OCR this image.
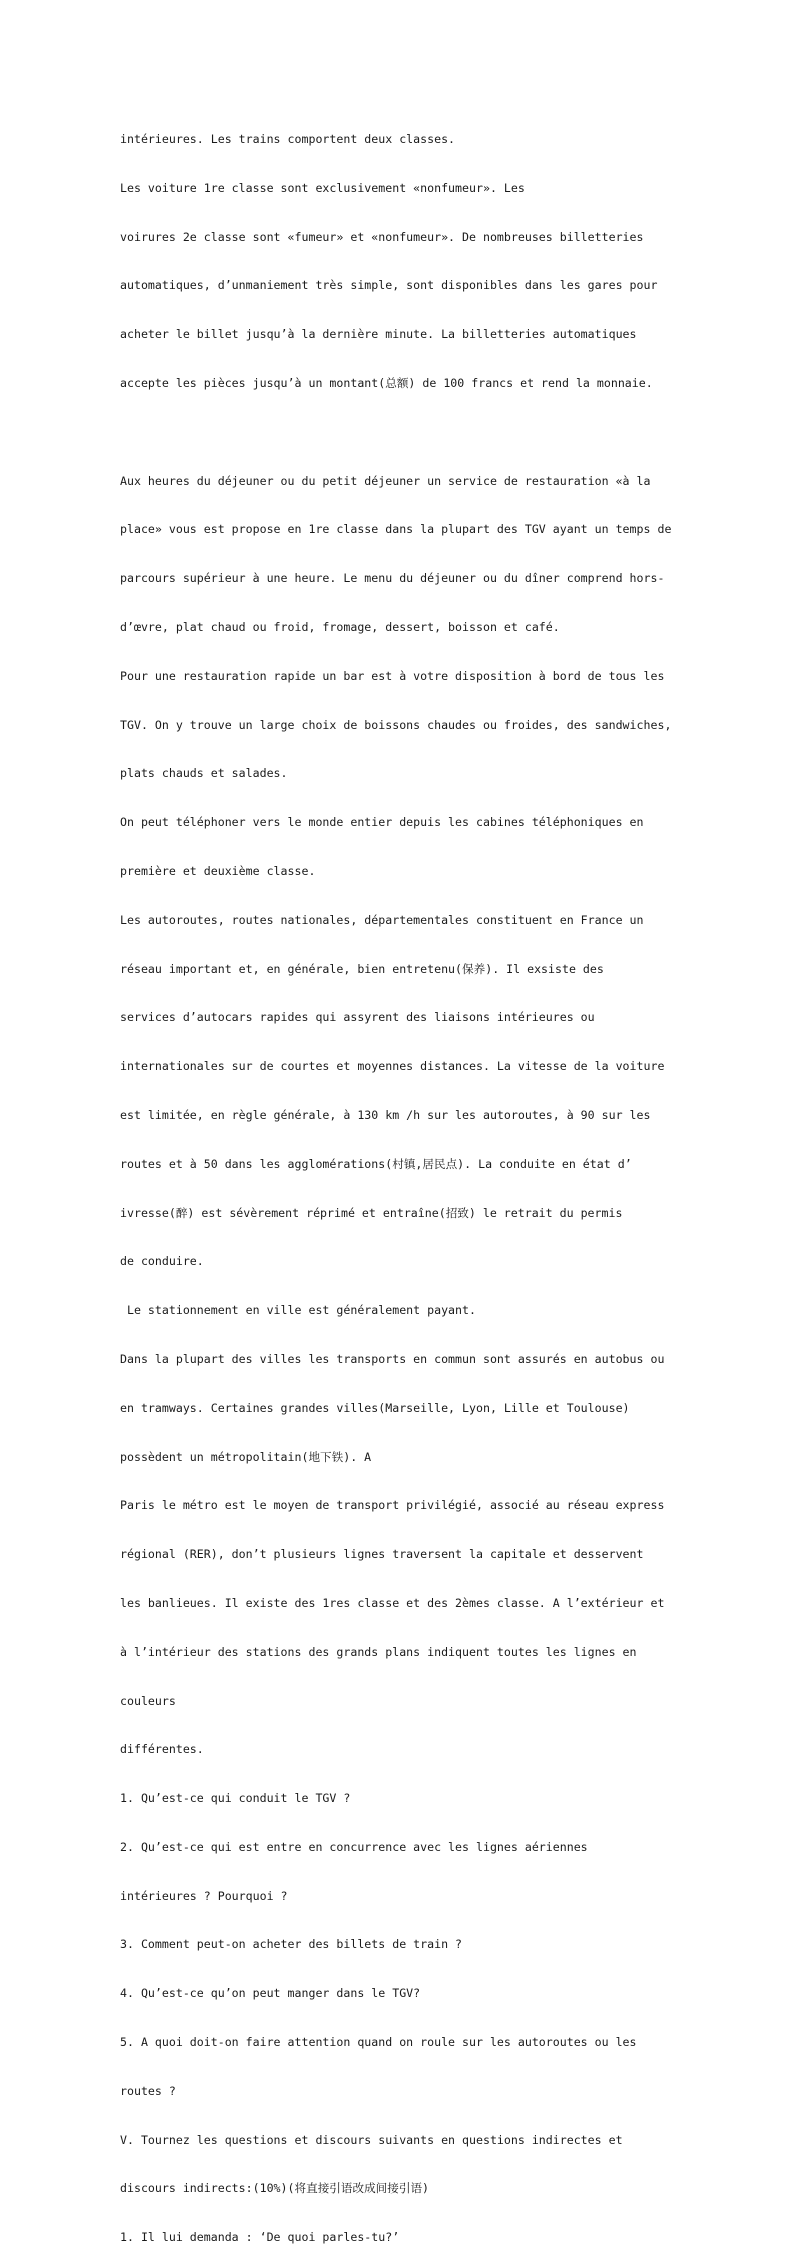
intérieures. Les trains comportent deux classes.

Les voiture 1re classe sont exclusivement «nonfumeur». Les

voirures 2e classe sont «fumeur» et «nonfumeur». De nombreuses billetteries

automatiques, d’unmaniement très simple, sont disponibles dans les gares pour

acheter le billet jusqu’à la dernière minute. La billetteries automatiques

accepte les pièces jusqu’à un montant(总额) de 100 francs et rend la monnaie.

Aux heures du déjeuner ou du petit déjeuner un service de restauration «à la

place» vous est propose en 1re classe dans la plupart des TGV ayant un temps de

parcours supérieur à une heure. Le menu du déjeuner ou du dîner comprend hors-

d’œvre, plat chaud ou froid, fromage, dessert, boisson et café.

Pour une restauration rapide un bar est à votre disposition à bord de tous les

TGV. On y trouve un large choix de boissons chaudes ou froides, des sandwiches,

plats chauds et salades.

On peut téléphoner vers le monde entier depuis les cabines téléphoniques en

première et deuxième classe.

Les autoroutes, routes nationales, départementales constituent en France un

réseau important et, en générale, bien entretenu(保养). Il exsiste des

services d’autocars rapides qui assyrent des liaisons intérieures ou

internationales sur de courtes et moyennes distances. La vitesse de la voiture

est limitée, en règle générale, à 130 km /h sur les autoroutes, à 90 sur les

routes et à 50 dans les agglomérations(村镇,居民点). La conduite en état d’

ivresse(醉) est sévèrement réprimé et entraîne(招致) le retrait du permis

de conduire.

Le stationnement en ville est généralement payant.

Dans la plupart des villes les transports en commun sont assurés en autobus ou

en tramways. Certaines grandes villes(Marseille, Lyon, Lille et Toulouse)

possèdent un métropolitain(地下铁). A

Paris le métro est le moyen de transport privilégié, associé au réseau express

régional (RER), don’t plusieurs lignes traversent la capitale et desservent

les banlieues. Il existe des 1res classe et des 2èmes classe. A l’extérieur et

à l’intérieur des stations des grands plans indiquent toutes les lignes en

couleurs

différentes.

1. Qu’est-ce qui conduit le TGV ?

2. Qu’est-ce qui est entre en concurrence avec les lignes aériennes

intérieures ? Pourquoi ?

3. Comment peut-on acheter des billets de train ?

4. Qu’est-ce qu’on peut manger dans le TGV?

5. A quoi doit-on faire attention quand on roule sur les autoroutes ou les

routes ?

V. Tournez les questions et discours suivants en questions indirectes et

discours indirects:(10%)(将直接引语改成间接引语)

1. Il lui demanda : ‘De quoi parles-tu?’
